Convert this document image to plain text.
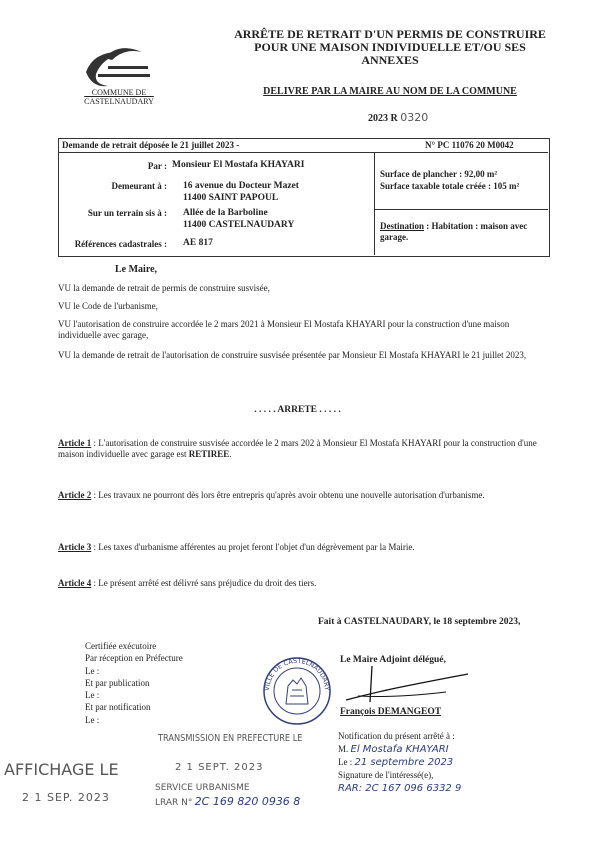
COMMUNE DE
CASTELNAUDARY
ARRÊTE DE RETRAIT D'UN PERMIS DE CONSTRUIRE
POUR UNE MAISON INDIVIDUELLE ET/OU SES
ANNEXES
DELIVRE PAR LA MAIRE AU NOM DE LA COMMUNE
2023 R 0320
Demande de retrait déposée le 21 juillet 2023 -	N° PC 11076 20 M0042
Par : Monsieur El Mostafa KHAYARI
Demeurant à : 16 avenue du Docteur Mazet
11400 SAINT PAPOUL
Sur un terrain sis à : Allée de la Barboline
11400 CASTELNAUDARY
Références cadastrales : AE 817
Surface de plancher : 92,00 m²
Surface taxable totale créée : 105 m²
Destination : Habitation : maison avec garage.
Le Maire,
VU la demande de retrait de permis de construire susvisée,
VU le Code de l'urbanisme,
VU l'autorisation de construire accordée le 2 mars 2021 à Monsieur El Mostafa KHAYARI pour la construction d'une maison individuelle avec garage,
VU la demande de retrait de l'autorisation de construire susvisée présentée par Monsieur El Mostafa KHAYARI le 21 juillet 2023,
. . . . . ARRETE . . . . .
Article 1 : L'autorisation de construire susvisée accordée le 2 mars 202 à Monsieur El Mostafa KHAYARI pour la construction d'une maison individuelle avec garage est RETIREE.
Article 2 : Les travaux ne pourront dès lors être entrepris qu'après avoir obtenu une nouvelle autorisation d'urbanisme.
Article 3 : Les taxes d'urbanisme afférentes au projet feront l'objet d'un dégrèvement par la Mairie.
Article 4 : Le présent arrêté est délivré sans préjudice du droit des tiers.
Fait à CASTELNAUDARY, le 18 septembre 2023,
Le Maire Adjoint délégué,
François DEMANGEOT
VILLE DE CASTELNAUDARY
Certifiée exécutoire
Par réception en Préfecture
Le :
Et par publication
Le :
Et par notification
Le :
TRANSMISSION EN PREFECTURE LE
2 1 SEPT. 2023
AFFICHAGE LE
2 1 SEP. 2023
SERVICE URBANISME
LRAR N° 2C 169 820 0936 8
Notification du présent arrêté à :
M. El Mostafa KHAYARI
Le : 21 septembre 2023
Signature de l'intéressé(e),
RAR: 2C 167 096 6332 9
